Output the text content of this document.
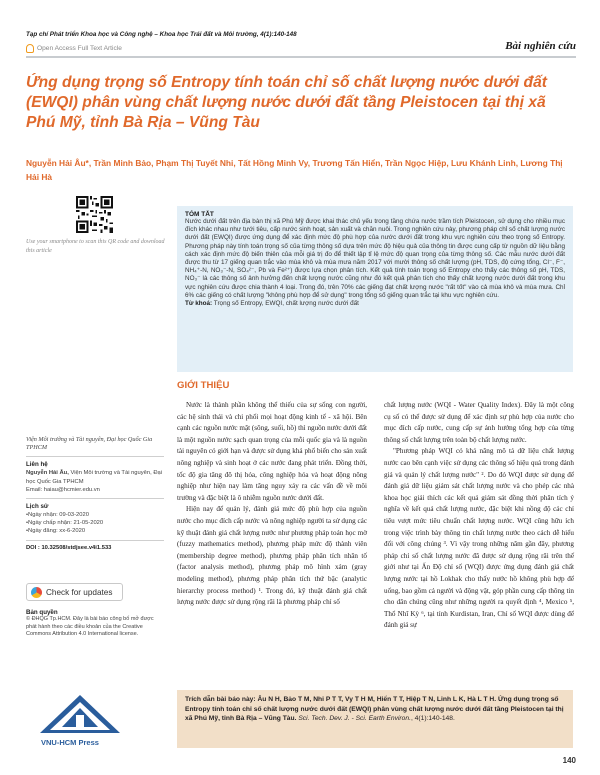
Tạp chí Phát triển Khoa học và Công nghệ – Khoa học Trái đất và Môi trường, 4(1):140-148
Open Access Full Text Article	Bài nghiên cứu
Ứng dụng trọng số Entropy tính toán chỉ số chất lượng nước dưới đất (EWQI) phân vùng chất lượng nước dưới đất tầng Pleistocen tại thị xã Phú Mỹ, tỉnh Bà Rịa – Vũng Tàu
Nguyễn Hải Âu*, Trần Minh Bảo, Phạm Thị Tuyết Nhi, Tất Hồng Minh Vy, Trương Tấn Hiển, Trần Ngọc Hiệp, Lưu Khánh Linh, Lương Thị Hải Hà
Use your smartphone to scan this QR code and download this article
TÓM TẮT

Nước dưới đất trên địa bàn thị xã Phú Mỹ được khai thác chủ yếu trong tầng chứa nước trầm tích Pleistocen, sử dụng cho nhiều mục đích khác nhau như tưới tiêu, cấp nước sinh hoạt, sản xuất và chăn nuôi. Trong nghiên cứu này, phương pháp chỉ số chất lượng nước dưới đất (EWQI) được ứng dụng để xác định mức độ phù hợp của nước dưới đất trong khu vực nghiên cứu theo trọng số Entropy. Phương pháp này tính toán trọng số của từng thông số dựa trên mức độ hiệu quả của thông tin được cung cấp từ nguồn dữ liệu bằng cách xác định mức độ biến thiên của mỗi giá trị đo để thiết lập tỉ lệ mức độ quan trọng của từng thông số. Các mẫu nước dưới đất được thu từ 17 giếng quan trắc vào mùa khô và mùa mưa năm 2017 với mười thông số chất lượng (pH, TDS, độ cứng tổng, Cl⁻, F⁻, NH₄⁺-N, NO₃⁻-N, SO₄²⁻, Pb và Fe²⁺) được lựa chọn phân tích. Kết quả tính toán trọng số Entropy cho thấy các thông số pH, TDS, NO₃⁻ là các thông số ảnh hưởng đến chất lượng nước cũng như đó kết quả phân tích cho thấy chất lượng nước dưới đất trong khu vực nghiên cứu được chia thành 4 loại. Trong đó, trên 70% các giếng đạt chất lượng nước "rất tốt" vào cả mùa khô và mùa mưa. Chỉ 6% các giếng có chất lượng "không phù hợp để sử dụng" trong tổng số giếng quan trắc tại khu vực nghiên cứu.

Từ khoá: Trọng số Entropy, EWQI, chất lượng nước dưới đất

Viện Môi trường và Tài nguyên, Đại học Quốc Gia TPHCM
Liên hệ
Nguyễn Hải Âu, Viện Môi trường và Tài nguyên, Đại học Quốc Gia TPHCM
Email: haiau@hcmier.edu.vn
Lịch sử
• Ngày nhận: 09-03-2020
• Ngày chấp nhận: 21-05-2020
• Ngày đăng: xx-6-2020
DOI : 10.32508/stdjsee.v4i1.533
Check for updates
Bản quyền
© ĐHQG Tp.HCM. Đây là bài báo công bố mở được phát hành theo các điều khoản của the Creative Commons Attribution 4.0 International license.
VNU-HCM Press
GIỚI THIỆU

Nước là thành phần không thể thiếu của sự sống con người, các hệ sinh thái và chi phối mọi hoạt động kinh tế - xã hội. Bên cạnh các nguồn nước mặt (sông, suối, hồ) thì nguồn nước dưới đất là một nguồn nước sạch quan trọng của mỗi quốc gia và là nguồn tài nguyên có giới hạn và được sử dụng khá phổ biến cho sản xuất nông nghiệp và sinh hoạt ở các nước đang phát triển. Đồng thời, tốc độ gia tăng đô thị hóa, công nghiệp hóa và hoạt động nông nghiệp như hiện nay làm tăng nguy xảy ra các vấn đề về môi trường và đặc biệt là ô nhiễm nguồn nước dưới đất.

Hiện nay để quản lý, đánh giá mức độ phù hợp của nguồn nước cho mục đích cấp nước và nông nghiệp người ta sử dụng các kỹ thuật đánh giá chất lượng nước như phương pháp toán học mờ (fuzzy mathematics method), phương pháp mức độ thành viên (membership degree method), phương pháp phân tích nhân tố (factor analysis method), phương pháp mô hình xám (gray modeling method), phương pháp phân tích thứ bậc (analytic hierarchy process method) ¹. Trong đó, kỹ thuật đánh giá chất lượng nước được sử dụng rộng rãi là phương pháp chỉ số

chất lượng nước (WQI - Water Quality Index). Đây là một công cụ số có thể được sử dụng để xác định sự phù hợp của nước cho mục đích cấp nước, cung cấp sự ảnh hưởng tổng hợp của từng thông số chất lượng trên toàn bộ chất lượng nước.

"Phương pháp WQI có khả năng mô tả dữ liệu chất lượng nước cao bên cạnh việc sử dụng các thông số hiệu quả trong đánh giá và quản lý chất lượng nước" ². Do đó WQI được sử dụng để đánh giá dữ liệu giám sát chất lượng nước và cho phép các nhà khoa học giải thích các kết quả giám sát đồng thời phân tích ý nghĩa về kết quả chất lượng nước, đặc biệt khi nồng độ các chỉ tiêu vượt mức tiêu chuẩn chất lượng nước. WQI cũng hữu ích trong việc trình bày thông tin chất lượng nước theo cách dễ hiểu đối với công chúng ³. Vì vậy trong những năm gần đây, phương pháp chỉ số chất lượng nước đã được sử dụng rộng rãi trên thế giới như tại Ấn Độ chỉ số (WQI) được ứng dụng đánh giá chất lượng nước tại hồ Lokhak cho thấy nước hồ không phù hợp để uống, bao gồm cả người và động vật, góp phần cung cấp thông tin cho dân chúng cũng như những người ra quyết định ⁴, Mexico ⁵, Thổ Nhĩ Kỳ ⁶, tại tỉnh Kurdistan, Iran, Chỉ số WQI được dùng để đánh giá sự

Trích dẫn bài báo này: Âu N H, Bảo T M, Nhi P T T, Vy T H M, Hiển T T, Hiệp T N, Linh L K, Hà L T H. Ứng dụng trọng số Entropy tính toán chỉ số chất lượng nước dưới đất (EWQI) phân vùng chất lượng nước dưới đất tầng Pleistocen tại thị xã Phú Mỹ, tỉnh Bà Rịa – Vũng Tàu. Sci. Tech. Dev. J. - Sci. Earth Environ., 4(1):140-148.
140
